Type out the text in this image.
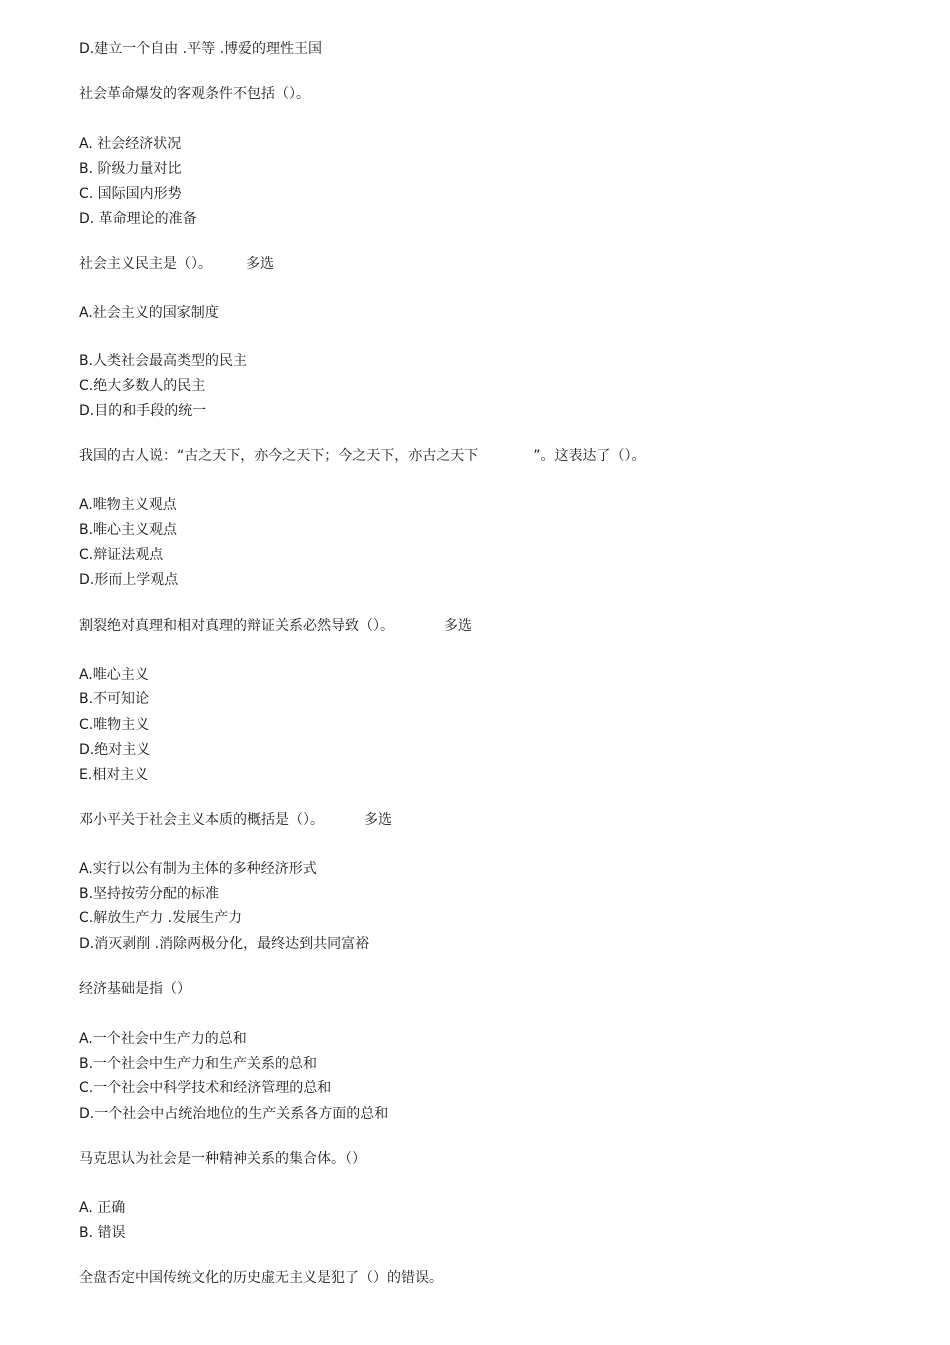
D.建立一个自由 .平等 .博爱的理性王国
社会革命爆发的客观条件不包括（）。
A. 社会经济状况
B. 阶级力量对比
C. 国际国内形势
D. 革命理论的准备
社会主义民主是（）。 多选
A.社会主义的国家制度
B.人类社会最高类型的民主
C.绝大多数人的民主
D.目的和手段的统一
我国的古人说：“古之天下，亦今之天下；今之天下，亦古之天下	”。这表达了（）。
A.唯物主义观点
B.唯心主义观点
C.辩证法观点
D.形而上学观点
割裂绝对真理和相对真理的辩证关系必然导致（）。	多选
A.唯心主义
B.不可知论
C.唯物主义
D.绝对主义
E.相对主义
邓小平关于社会主义本质的概括是（）。	多选
A.实行以公有制为主体的多种经济形式
B.坚持按劳分配的标准
C.解放生产力 .发展生产力
D.消灭剥削 .消除两极分化，最终达到共同富裕
经济基础是指（）
A.一个社会中生产力的总和
B.一个社会中生产力和生产关系的总和
C.一个社会中科学技术和经济管理的总和
D.一个社会中占统治地位的生产关系各方面的总和
马克思认为社会是一种精神关系的集合体。（）
A. 正确
B. 错误
全盘否定中国传统文化的历史虚无主义是犯了（）的错误。
